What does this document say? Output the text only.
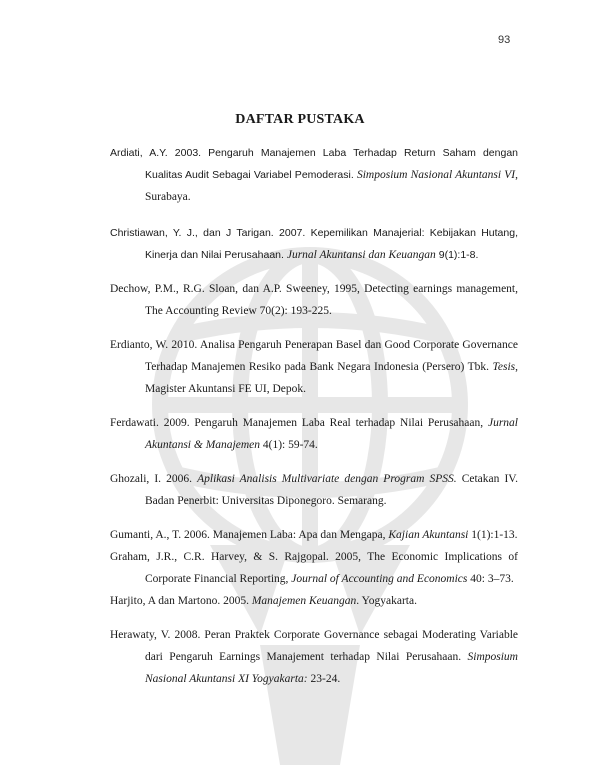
93
DAFTAR PUSTAKA
Ardiati, A.Y. 2003. Pengaruh Manajemen Laba Terhadap Return Saham dengan Kualitas Audit Sebagai Variabel Pemoderasi. Simposium Nasional Akuntansi VI, Surabaya.
Christiawan, Y. J., dan J Tarigan. 2007. Kepemilikan Manajerial: Kebijakan Hutang, Kinerja dan Nilai Perusahaan. Jurnal Akuntansi dan Keuangan 9(1):1-8.
Dechow, P.M., R.G. Sloan, dan A.P. Sweeney, 1995, Detecting earnings management, The Accounting Review 70(2): 193-225.
Erdianto, W. 2010. Analisa Pengaruh Penerapan Basel dan Good Corporate Governance Terhadap Manajemen Resiko pada Bank Negara Indonesia (Persero) Tbk. Tesis, Magister Akuntansi FE UI, Depok.
Ferdawati. 2009. Pengaruh Manajemen Laba Real terhadap Nilai Perusahaan, Jurnal Akuntansi & Manajemen 4(1): 59-74.
Ghozali, I. 2006. Aplikasi Analisis Multivariate dengan Program SPSS. Cetakan IV. Badan Penerbit: Universitas Diponegoro. Semarang.
Gumanti, A., T. 2006. Manajemen Laba: Apa dan Mengapa, Kajian Akuntansi 1(1):1-13.
Graham, J.R., C.R. Harvey, & S. Rajgopal. 2005, The Economic Implications of Corporate Financial Reporting, Journal of Accounting and Economics 40: 3–73.
Harjito, A dan Martono. 2005. Manajemen Keuangan. Yogyakarta.
Herawaty, V. 2008. Peran Praktek Corporate Governance sebagai Moderating Variable dari Pengaruh Earnings Manajement terhadap Nilai Perusahaan. Simposium Nasional Akuntansi XI Yogyakarta: 23-24.
